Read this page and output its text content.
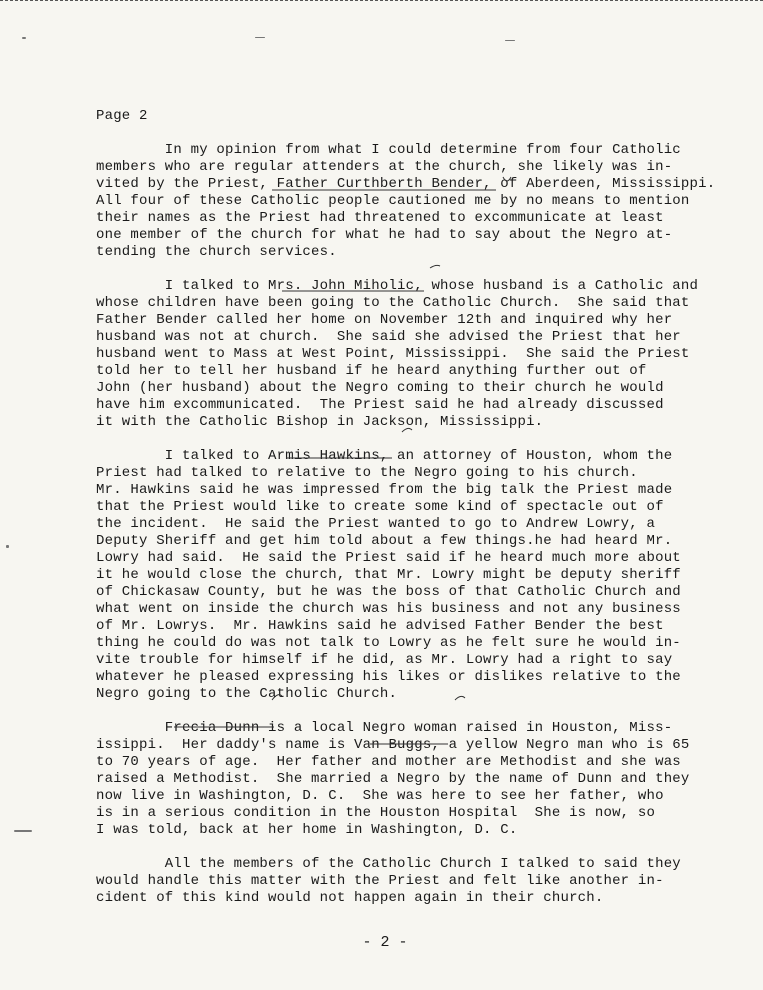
Page 2
In my opinion from what I could determine from four Catholic
members who are regular attenders at the church, she likely was in-
vited by the Priest, Father Curthberth Bender, of Aberdeen, Mississippi.
All four of these Catholic people cautioned me by no means to mention
their names as the Priest had threatened to excommunicate at least
one member of the church for what he had to say about the Negro at-
tending the church services.
I talked to Mrs. John Miholic, whose husband is a Catholic and
whose children have been going to the Catholic Church.  She said that
Father Bender called her home on November 12th and inquired why her
husband was not at church.  She said she advised the Priest that her
husband went to Mass at West Point, Mississippi.  She said the Priest
told her to tell her husband if he heard anything further out of
John (her husband) about the Negro coming to their church he would
have him excommunicated.  The Priest said he had already discussed
it with the Catholic Bishop in Jackson, Mississippi.
I talked to Armis Hawkins, an attorney of Houston, whom the
Priest had talked to relative to the Negro going to his church.
Mr. Hawkins said he was impressed from the big talk the Priest made
that the Priest would like to create some kind of spectacle out of
the incident.  He said the Priest wanted to go to Andrew Lowry, a
Deputy Sheriff and get him told about a few things.he had heard Mr.
Lowry had said.  He said the Priest said if he heard much more about
it he would close the church, that Mr. Lowry might be deputy sheriff
of Chickasaw County, but he was the boss of that Catholic Church and
what went on inside the church was his business and not any business
of Mr. Lowrys.  Mr. Hawkins said he advised Father Bender the best
thing he could do was not talk to Lowry as he felt sure he would in-
vite trouble for himself if he did, as Mr. Lowry had a right to say
whatever he pleased expressing his likes or dislikes relative to the
Negro going to the Catholic Church.
Frecia Dunn is a local Negro woman raised in Houston, Miss-
issippi.  Her daddy's name is Van Buggs, a yellow Negro man who is 65
to 70 years of age.  Her father and mother are Methodist and she was
raised a Methodist.  She married a Negro by the name of Dunn and they
now live in Washington, D. C.  She was here to see her father, who
is in a serious condition in the Houston Hospital  She is now, so
I was told, back at her home in Washington, D. C.
All the members of the Catholic Church I talked to said they
would handle this matter with the Priest and felt like another in-
cident of this kind would not happen again in their church.
- 2 -
